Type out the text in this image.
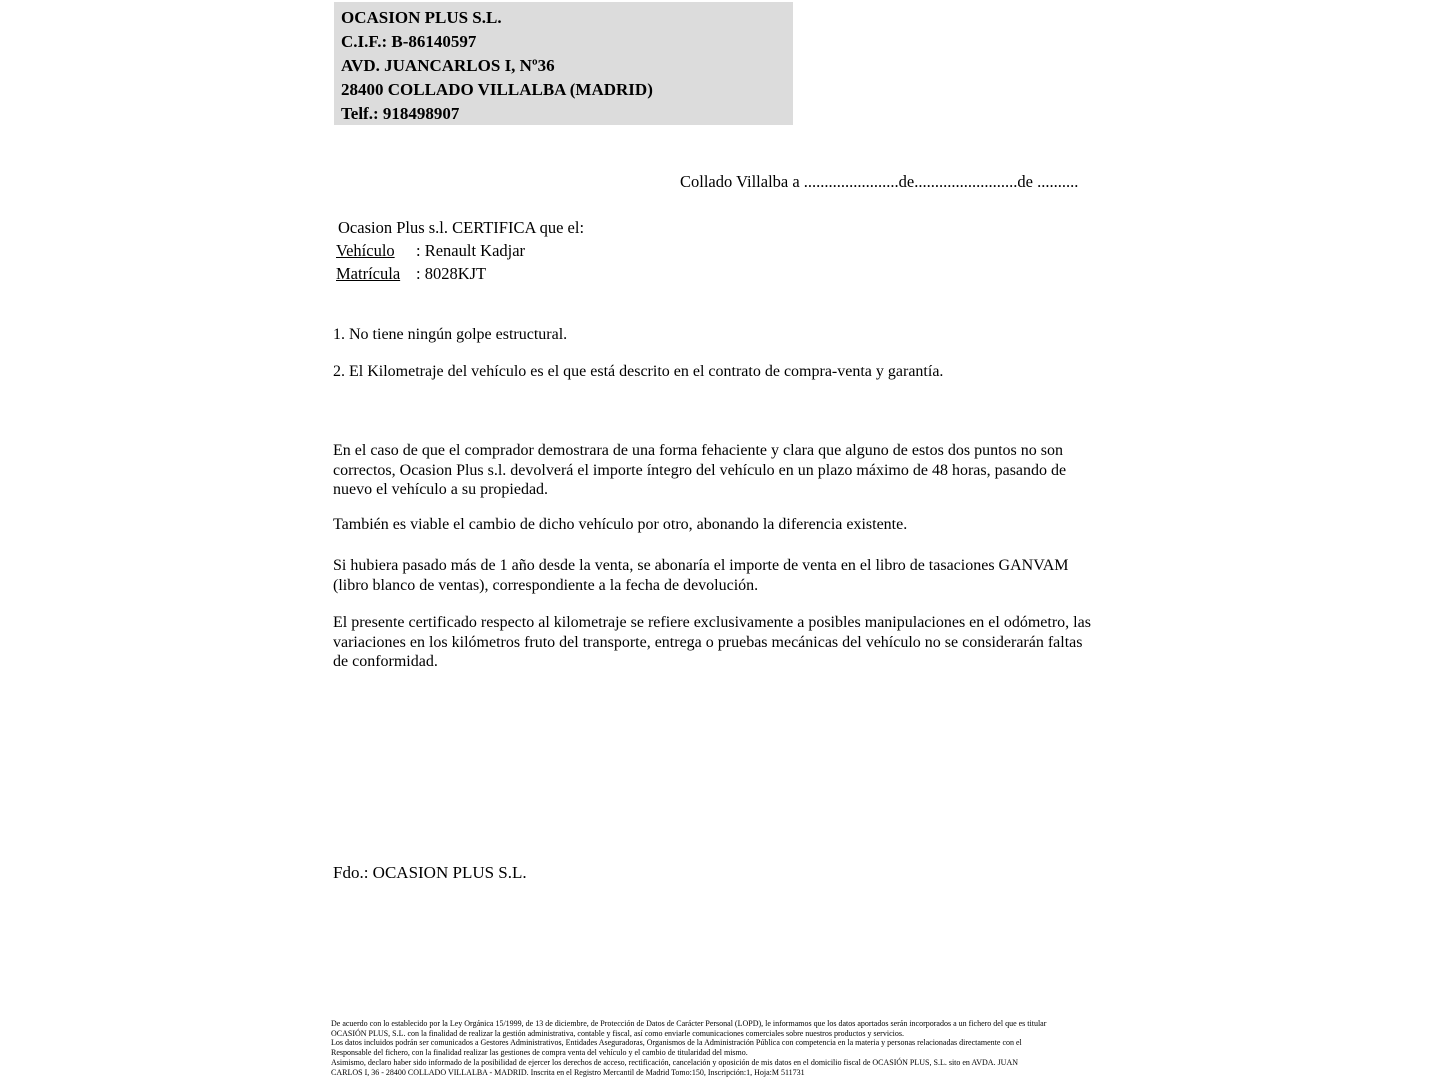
OCASION PLUS S.L.
C.I.F.: B-86140597
AVD. JUANCARLOS I, Nº36
28400 COLLADO VILLALBA (MADRID)
Telf.: 918498907
Collado Villalba a .......................de.........................de ..........
Ocasion Plus s.l. CERTIFICA que el:
Vehículo : Renault Kadjar
Matrícula : 8028KJT
1. No tiene ningún golpe estructural.
2. El Kilometraje del vehículo es el que está descrito en el contrato de compra-venta y garantía.
En el caso de que el comprador demostrara de una forma fehaciente y clara que alguno de estos dos puntos no son correctos, Ocasion Plus s.l. devolverá el importe íntegro del vehículo en un plazo máximo de 48 horas, pasando de nuevo el vehículo a su propiedad.
También es viable el cambio de dicho vehículo por otro, abonando la diferencia existente.
Si hubiera pasado más de 1 año desde la venta, se abonaría el importe de venta en el libro de tasaciones GANVAM (libro blanco de ventas), correspondiente a la fecha de devolución.
El presente certificado respecto al kilometraje se refiere exclusivamente a posibles manipulaciones en el odómetro, las variaciones en los kilómetros fruto del transporte, entrega o pruebas mecánicas del vehículo no se considerarán faltas de conformidad.
Fdo.: OCASION PLUS S.L.
De acuerdo con lo establecido por la Ley Orgánica 15/1999, de 13 de diciembre, de Protección de Datos de Carácter Personal (LOPD), le informamos que los datos aportados serán incorporados a un fichero del que es titular
OCASIÓN PLUS, S.L. con la finalidad de realizar la gestión administrativa, contable y fiscal, así como enviarle comunicaciones comerciales sobre nuestros productos y servicios.
Los datos incluidos podrán ser comunicados a Gestores Administrativos, Entidades Aseguradoras, Organismos de la Administración Pública con competencia en la materia y personas relacionadas directamente con el
Responsable del fichero, con la finalidad realizar las gestiones de compra venta del vehículo y el cambio de titularidad del mismo.
Asimismo, declaro haber sido informado de la posibilidad de ejercer los derechos de acceso, rectificación, cancelación y oposición de mis datos en el domicilio fiscal de OCASIÓN PLUS, S.L. sito en AVDA. JUAN
CARLOS I, 36 - 28400 COLLADO VILLALBA - MADRID. Inscrita en el Registro Mercantil de Madrid Tomo:150, Inscripción:1, Hoja:M 511731
